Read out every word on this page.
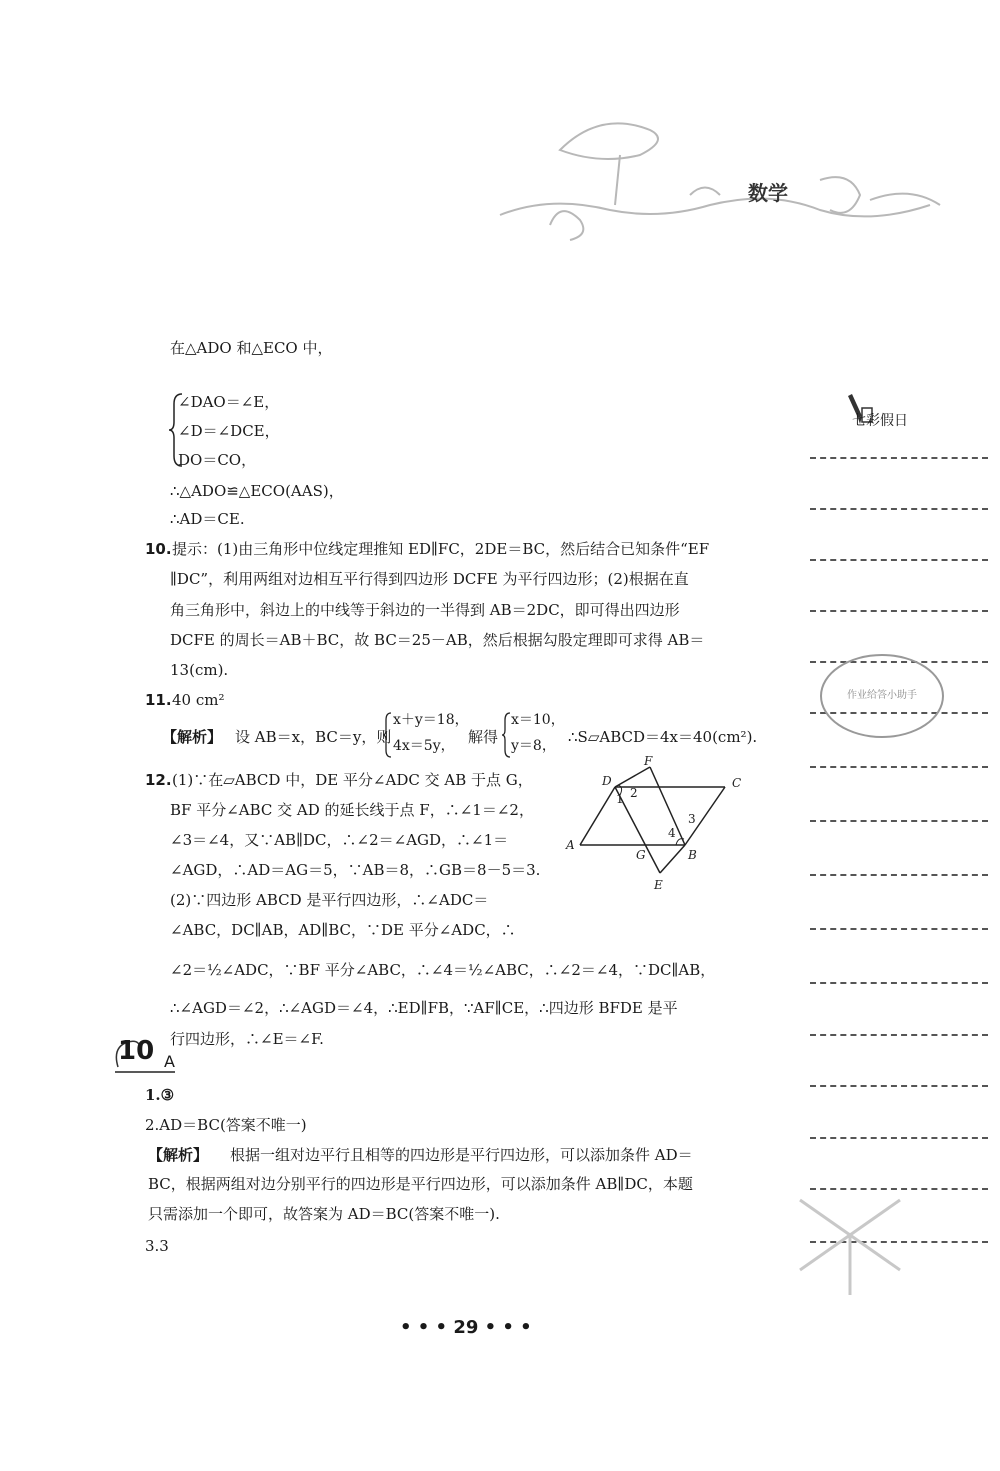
数学
在△ADO 和△ECO 中，
∠DAO＝∠E，
∠D＝∠DCE，
DO＝CO，
∴△ADO≌△ECO(AAS)，
∴AD＝CE.
10. 提示：(1)由三角形中位线定理推知 ED∥FC，2DE＝BC，然后结合已知条件“EF
∥DC”，利用两组对边相互平行得到四边形 DCFE 为平行四边形；(2)根据在直
角三角形中，斜边上的中线等于斜边的一半得到 AB＝2DC，即可得出四边形
DCFE 的周长＝AB＋BC，故 BC＝25－AB，然后根据勾股定理即可求得 AB＝
13(cm).
11. 40 cm²
【解析】 设 AB＝x，BC＝y，则
x＋y＝18，
4x＝5y， 解得
x＝10，
y＝8， ∴S▱ABCD＝4x＝40(cm²).
12. (1)∵在▱ABCD 中，DE 平分∠ADC 交 AB 于点 G，
BF 平分∠ABC 交 AD 的延长线于点 F，∴∠1＝∠2，
∠3＝∠4，又∵AB∥DC，∴∠2＝∠AGD，∴∠1＝
∠AGD，∴AD＝AG＝5，∵AB＝8，∴GB＝8－5＝3.
(2)∵四边形 ABCD 是平行四边形，∴∠ADC＝
∠ABC，DC∥AB，AD∥BC，∵DE 平分∠ADC，∴
∠2＝½∠ADC，∵BF 平分∠ABC，∴∠4＝½∠ABC，∴∠2＝∠4，∵DC∥AB，
∴∠AGD＝∠2，∴∠AGD＝∠4，∴ED∥FB，∵AF∥CE，∴四边形 BFDE 是平
行四边形，∴∠E＝∠F.
F
D	C
1 2
3
4
A
G	B
E
10 A
1.③
2.AD＝BC(答案不唯一)
【解析】 根据一组对边平行且相等的四边形是平行四边形，可以添加条件 AD＝
BC，根据两组对边分别平行的四边形是平行四边形，可以添加条件 AB∥DC，本题
只需添加一个即可，故答案为 AD＝BC(答案不唯一).
3.3
• • • 29 • • •
七彩假日
作业给答小助手
